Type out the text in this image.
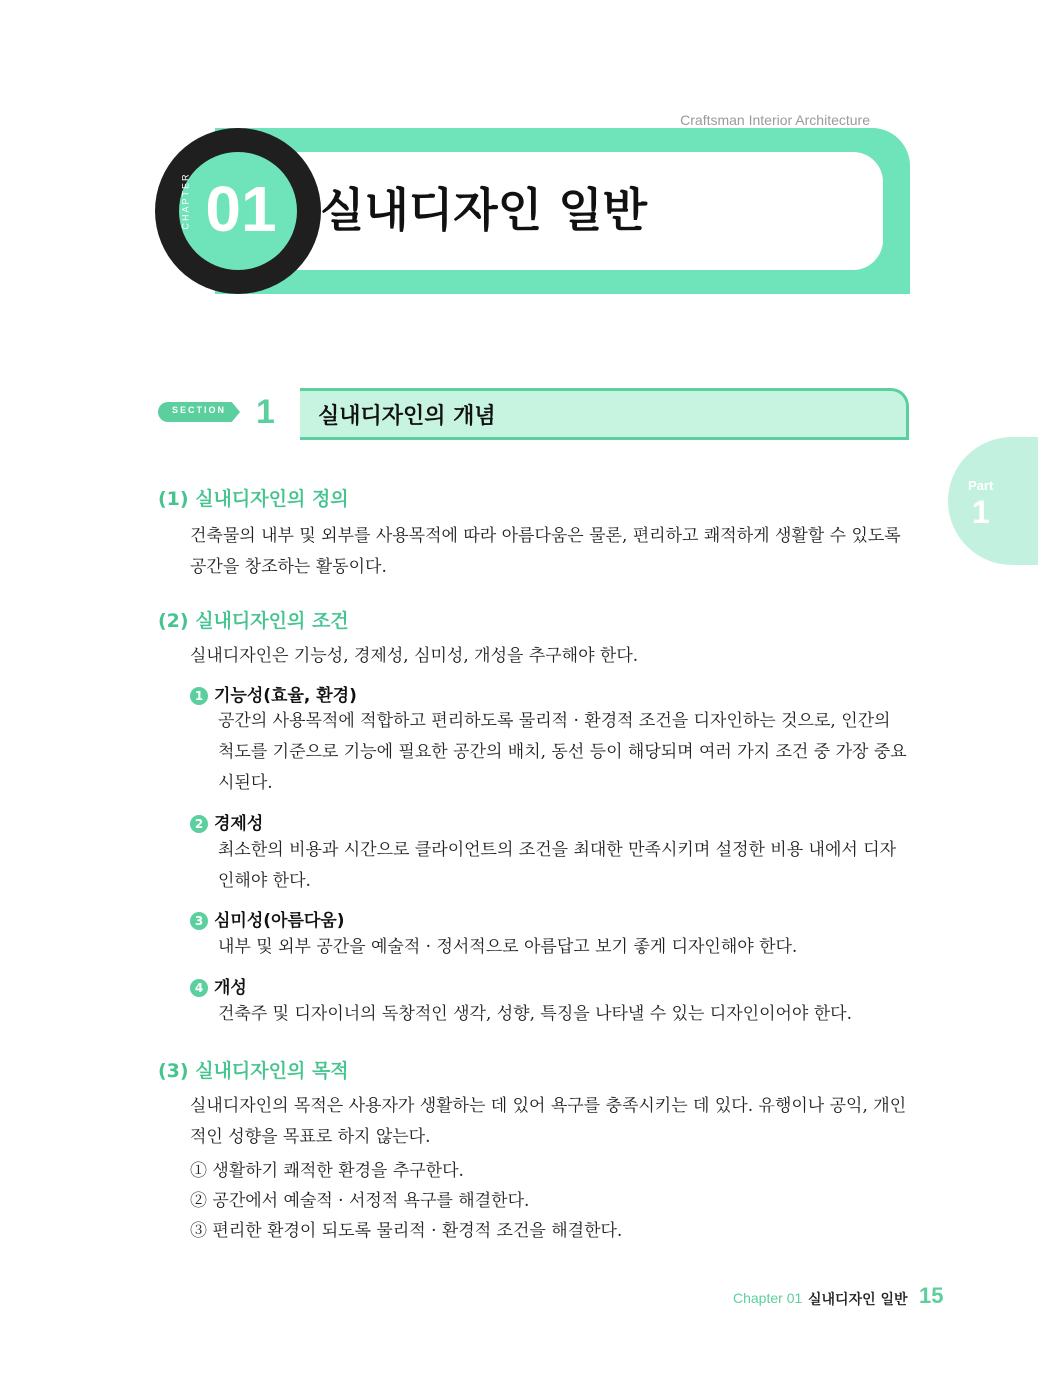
Craftsman Interior Architecture
CHAPTER 01 실내디자인 일반
SECTION 1 실내디자인의 개념
Part
1
(1) 실내디자인의 정의

건축물의 내부 및 외부를 사용목적에 따라 아름다움은 물론, 편리하고 쾌적하게 생활할 수 있도록 공간을 창조하는 활동이다.

(2) 실내디자인의 조건

실내디자인은 기능성, 경제성, 심미성, 개성을 추구해야 한다.

1 기능성(효율, 환경)

공간의 사용목적에 적합하고 편리하도록 물리적 · 환경적 조건을 디자인하는 것으로, 인간의 척도를 기준으로 기능에 필요한 공간의 배치, 동선 등이 해당되며 여러 가지 조건 중 가장 중요시된다.

2 경제성

최소한의 비용과 시간으로 클라이언트의 조건을 최대한 만족시키며 설정한 비용 내에서 디자인해야 한다.

3 심미성(아름다움)

내부 및 외부 공간을 예술적 · 정서적으로 아름답고 보기 좋게 디자인해야 한다.

4 개성

건축주 및 디자이너의 독창적인 생각, 성향, 특징을 나타낼 수 있는 디자인이어야 한다.

(3) 실내디자인의 목적

실내디자인의 목적은 사용자가 생활하는 데 있어 욕구를 충족시키는 데 있다. 유행이나 공익, 개인적인 성향을 목표로 하지 않는다.

① 생활하기 쾌적한 환경을 추구한다.
② 공간에서 예술적 · 서정적 욕구를 해결한다.
③ 편리한 환경이 되도록 물리적 · 환경적 조건을 해결한다.
Chapter 01 실내디자인 일반 15
